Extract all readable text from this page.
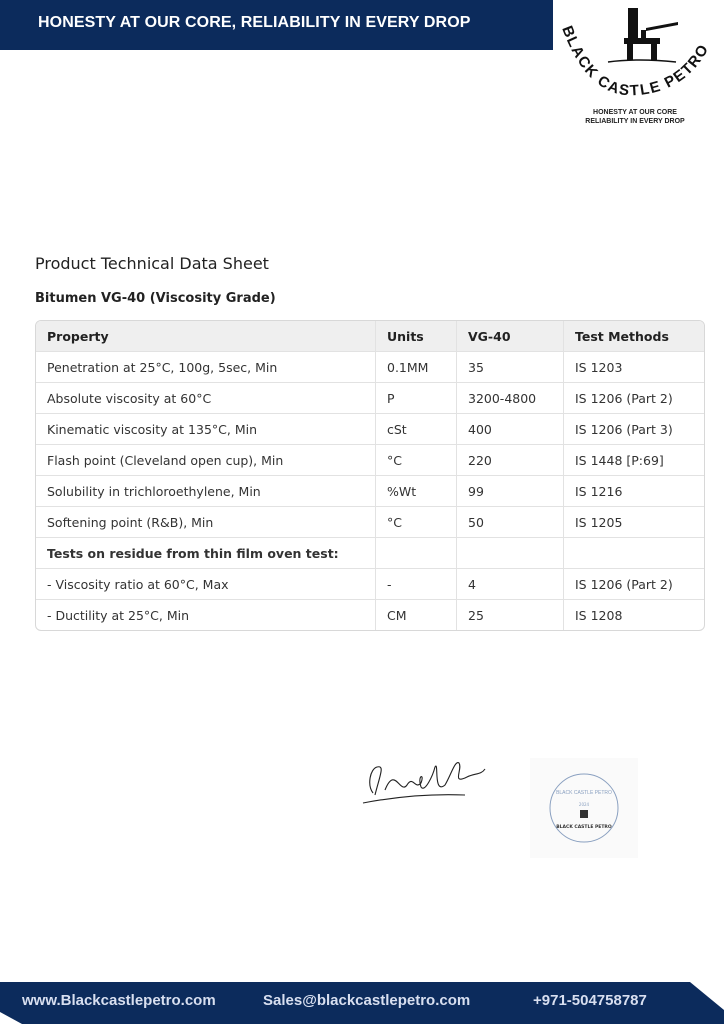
HONESTY AT OUR CORE, RELIABILITY IN EVERY DROP
BLACK CASTLE PETRO
HONESTY AT OUR CORE
RELIABILITY IN EVERY DROP
Product Technical Data Sheet
Bitumen VG-40 (Viscosity Grade)
Property	Units	VG-40	Test Methods
Penetration at 25°C, 100g, 5sec, Min	0.1MM	35	IS 1203
Absolute viscosity at 60°C	P	3200-4800	IS 1206 (Part 2)
Kinematic viscosity at 135°C, Min	cSt	400	IS 1206 (Part 3)
Flash point (Cleveland open cup), Min	°C	220	IS 1448 [P:69]
Solubility in trichloroethylene, Min	%Wt	99	IS 1216
Softening point (R&B), Min	°C	50	IS 1205
Tests on residue from thin film oven test:			
- Viscosity ratio at 60°C, Max	-	4	IS 1206 (Part 2)
- Ductility at 25°C, Min	CM	25	IS 1208
BLACK CASTLE PETRO
2024
BLACK CASTLE PETRO
www.Blackcastlepetro.com	Sales@blackcastlepetro.com	+971-504758787
